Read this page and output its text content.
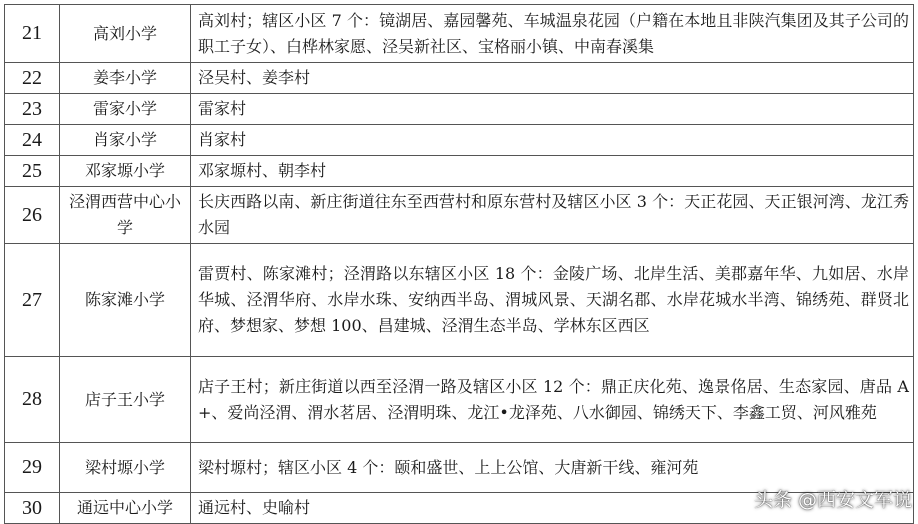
21	高刘小学	高刘村；辖区小区 7 个：镜湖居、嘉园馨苑、车城温泉花园（户籍在本地且非陕汽集团及其子公司的职工子女）、白桦林家愿、泾吴新社区、宝格丽小镇、中南春溪集
22	姜李小学	泾吴村、姜李村
23	雷家小学	雷家村
24	肖家小学	肖家村
25	邓家塬小学	邓家塬村、朝李村
26	泾渭西营中心小学	长庆西路以南、新庄街道往东至西营村和原东营村及辖区小区 3 个：天正花园、天正银河湾、龙江秀水园
27	陈家滩小学	雷贾村、陈家滩村；泾渭路以东辖区小区 18 个：金陵广场、北岸生活、美郡嘉年华、九如居、水岸华城、泾渭华府、水岸水珠、安纳西半岛、渭城风景、天湖名郡、水岸花城水半湾、锦绣苑、群贤北府、梦想家、梦想 100、昌建城、泾渭生态半岛、学林东区西区
28	店子王小学	店子王村；新庄街道以西至泾渭一路及辖区小区 12 个：鼎正庆化苑、逸景佲居、生态家园、唐品 A+、爱尚泾渭、渭水茗居、泾渭明珠、龙江•龙泽苑、八水御园、锦绣天下、李鑫工贸、河风雅苑
29	梁村塬小学	梁村塬村；辖区小区 4 个：颐和盛世、上上公馆、大唐新干线、雍河苑
30	通远中心小学	通远村、史喻村	头条 @西安文军说
